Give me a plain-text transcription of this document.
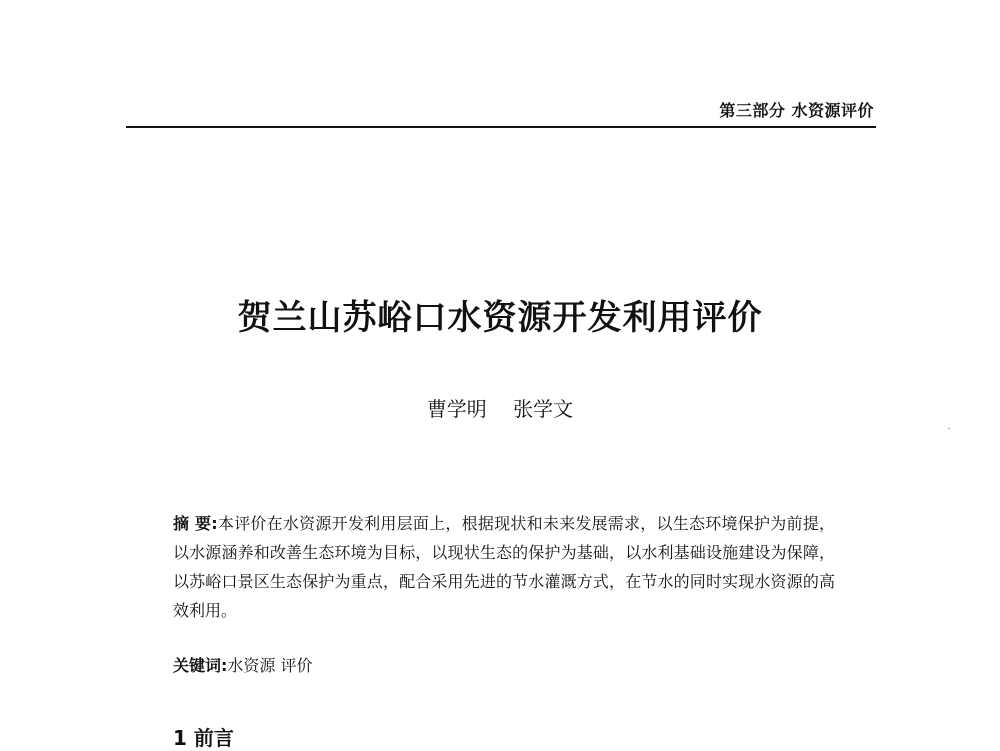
第三部分 水资源评价
贺兰山苏峪口水资源开发利用评价
曹学明 张学文
摘 要:本评价在水资源开发利用层面上，根据现状和未来发展需求，以生态环境保护为前提，以水源涵养和改善生态环境为目标，以现状生态的保护为基础，以水利基础设施建设为保障，以苏峪口景区生态保护为重点，配合采用先进的节水灌溉方式，在节水的同时实现水资源的高效利用。
关键词:水资源 评价
1 前言
